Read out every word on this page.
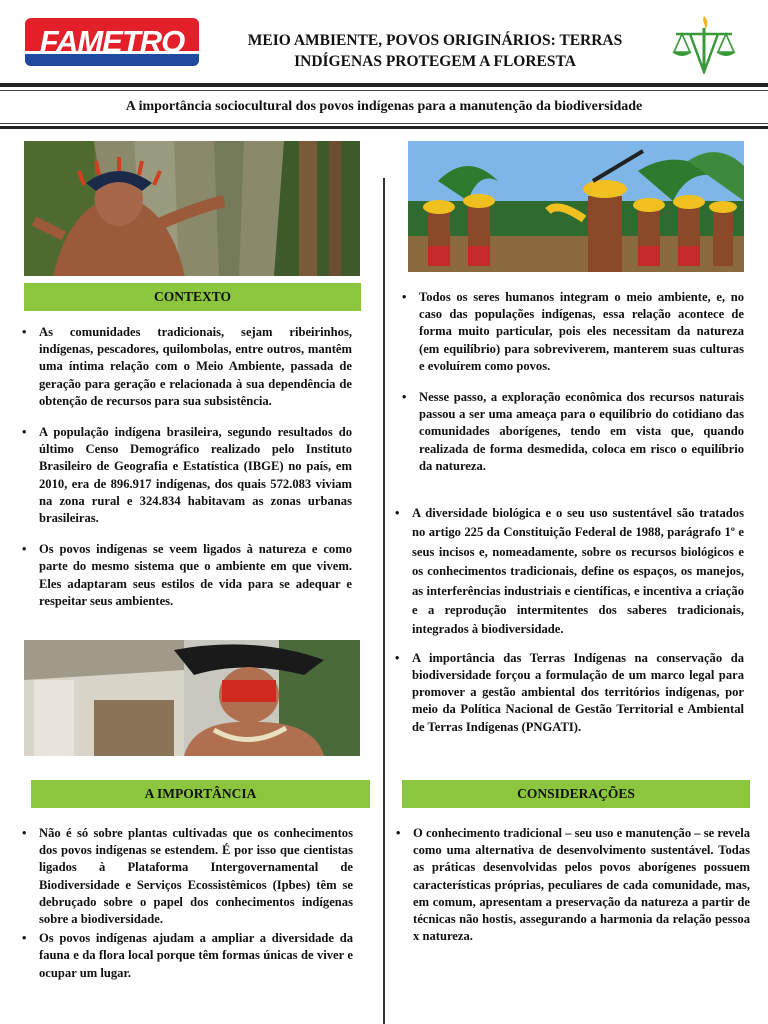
FAMETRO	MEIO AMBIENTE, POVOS ORIGINÁRIOS: TERRAS
INDÍGENAS PROTEGEM A FLORESTA
A importância sociocultural dos povos indígenas para a manutenção da biodiversidade
CONTEXTO
A IMPORTÂNCIA	CONSIDERAÇÕES
• As comunidades tradicionais, sejam ribeirinhos, indígenas, pescadores, quilombolas, entre outros, mantêm uma íntima relação com o Meio Ambiente, passada de geração para geração e relacionada à sua dependência de obtenção de recursos para sua subsistência.
• A população indígena brasileira, segundo resultados do último Censo Demográfico realizado pelo Instituto Brasileiro de Geografia e Estatística (IBGE) no país, em 2010, era de 896.917 indígenas, dos quais 572.083 viviam na zona rural e 324.834 habitavam as zonas urbanas brasileiras.
• Os povos indígenas se veem ligados à natureza e como parte do mesmo sistema que o ambiente em que vivem. Eles adaptaram seus estilos de vida para se adequar e respeitar seus ambientes.
• Todos os seres humanos integram o meio ambiente, e, no caso das populações indígenas, essa relação acontece de forma muito particular, pois eles necessitam da natureza (em equilíbrio) para sobreviverem, manterem suas culturas e evoluírem como povos.
• Nesse passo, a exploração econômica dos recursos naturais passou a ser uma ameaça para o equilíbrio do cotidiano das comunidades aborígenes, tendo em vista que, quando realizada de forma desmedida, coloca em risco o equilíbrio da natureza.
• A diversidade biológica e o seu uso sustentável são tratados no artigo 225 da Constituição Federal de 1988, parágrafo 1º e seus incisos e, nomeadamente, sobre os recursos biológicos e os conhecimentos tradicionais, define os espaços, os manejos, as interferências industriais e científicas, e incentiva a criação e a reprodução intermitentes dos saberes tradicionais, integrados à biodiversidade.
• A importância das Terras Indígenas na conservação da biodiversidade forçou a formulação de um marco legal para promover a gestão ambiental dos territórios indígenas, por meio da Política Nacional de Gestão Territorial e Ambiental de Terras Indígenas (PNGATI).
• Não é só sobre plantas cultivadas que os conhecimentos dos povos indígenas se estendem. É por isso que cientistas ligados à Plataforma Intergovernamental de Biodiversidade e Serviços Ecossistêmicos (Ipbes) têm se debruçado sobre o papel dos conhecimentos indígenas sobre a biodiversidade.
• Os povos indígenas ajudam a ampliar a diversidade da fauna e da flora local porque têm formas únicas de viver e ocupar um lugar.
• O conhecimento tradicional – seu uso e manutenção – se revela como uma alternativa de desenvolvimento sustentável. Todas as práticas desenvolvidas pelos povos aborígenes possuem características próprias, peculiares de cada comunidade, mas, em comum, apresentam a preservação da natureza a partir de técnicas não hostis, assegurando a harmonia da relação pessoa x natureza.
